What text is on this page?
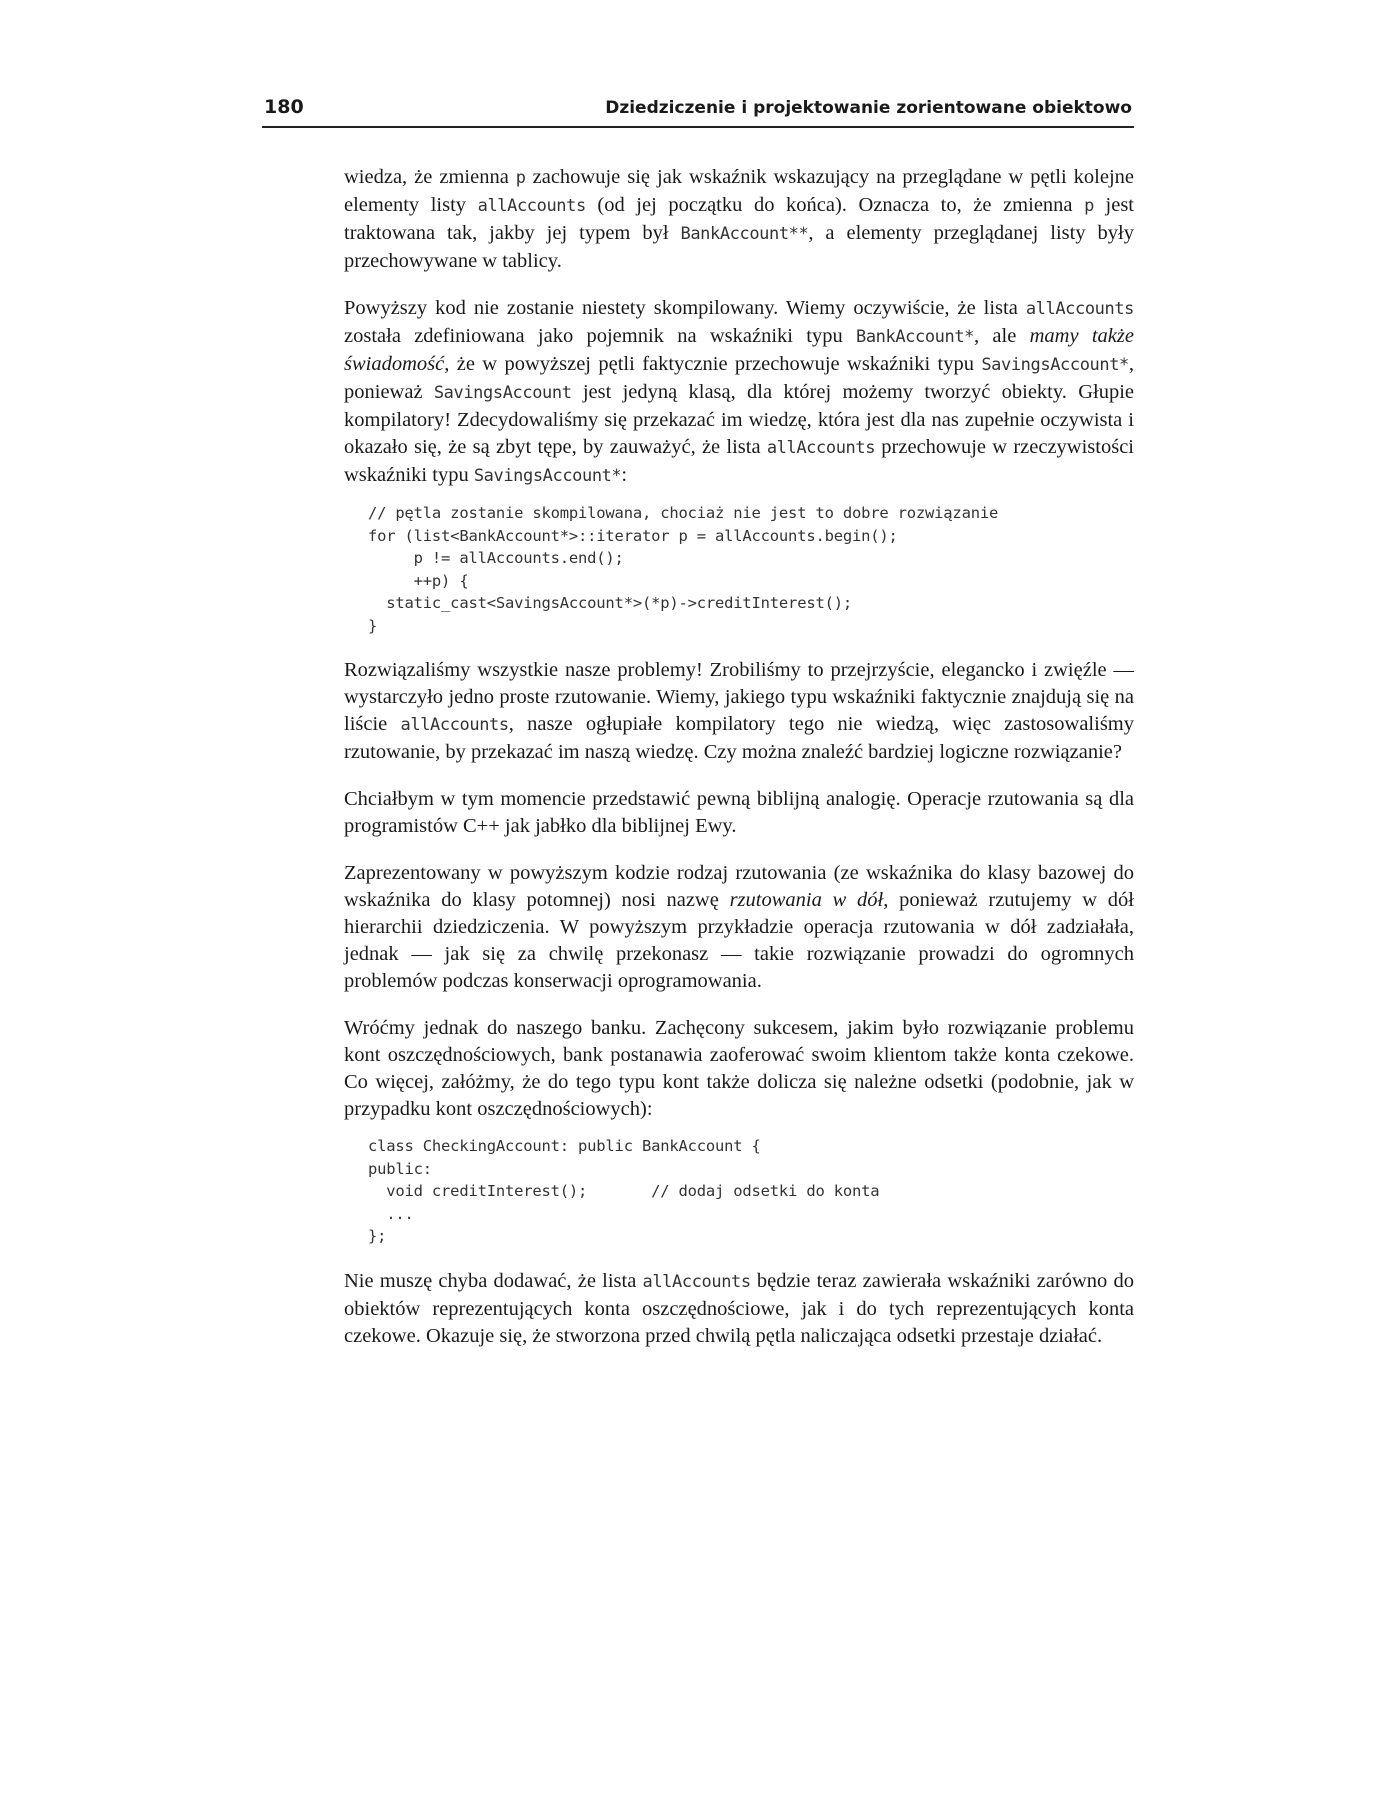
180	Dziedziczenie i projektowanie zorientowane obiektowo

wiedza, że zmienna p zachowuje się jak wskaźnik wskazujący na przeglądane w pętli kolejne elementy listy allAccounts (od jej początku do końca). Oznacza to, że zmienna p jest traktowana tak, jakby jej typem był BankAccount**, a elementy przeglądanej listy były przechowywane w tablicy.

Powyższy kod nie zostanie niestety skompilowany. Wiemy oczywiście, że lista allAccounts została zdefiniowana jako pojemnik na wskaźniki typu BankAccount*, ale mamy także świadomość, że w powyższej pętli faktycznie przechowuje wskaźniki typu SavingsAccount*, ponieważ SavingsAccount jest jedyną klasą, dla której możemy tworzyć obiekty. Głupie kompilatory! Zdecydowaliśmy się przekazać im wiedzę, która jest dla nas zupełnie oczywista i okazało się, że są zbyt tępe, by zauważyć, że lista allAccounts przechowuje w rzeczywistości wskaźniki typu SavingsAccount*:

// pętla zostanie skompilowana, chociaż nie jest to dobre rozwiązanie
for (list<BankAccount*>::iterator p = allAccounts.begin();
p != allAccounts.end();
++p) {
static_cast<SavingsAccount*>(*p)->creditInterest();
}

Rozwiązaliśmy wszystkie nasze problemy! Zrobiliśmy to przejrzyście, elegancko i zwięźle — wystarczyło jedno proste rzutowanie. Wiemy, jakiego typu wskaźniki faktycznie znajdują się na liście allAccounts, nasze ogłupiałe kompilatory tego nie wiedzą, więc zastosowaliśmy rzutowanie, by przekazać im naszą wiedzę. Czy można znaleźć bardziej logiczne rozwiązanie?

Chciałbym w tym momencie przedstawić pewną biblijną analogię. Operacje rzutowania są dla programistów C++ jak jabłko dla biblijnej Ewy.

Zaprezentowany w powyższym kodzie rodzaj rzutowania (ze wskaźnika do klasy bazowej do wskaźnika do klasy potomnej) nosi nazwę rzutowania w dół, ponieważ rzutujemy w dół hierarchii dziedziczenia. W powyższym przykładzie operacja rzutowania w dół zadziałała, jednak — jak się za chwilę przekonasz — takie rozwiązanie prowadzi do ogromnych problemów podczas konserwacji oprogramowania.

Wróćmy jednak do naszego banku. Zachęcony sukcesem, jakim było rozwiązanie problemu kont oszczędnościowych, bank postanawia zaoferować swoim klientom także konta czekowe. Co więcej, załóżmy, że do tego typu kont także dolicza się należne odsetki (podobnie, jak w przypadku kont oszczędnościowych):

class CheckingAccount: public BankAccount {
public:
void creditInterest();       // dodaj odsetki do konta
...
};

Nie muszę chyba dodawać, że lista allAccounts będzie teraz zawierała wskaźniki zarówno do obiektów reprezentujących konta oszczędnościowe, jak i do tych reprezentujących konta czekowe. Okazuje się, że stworzona przed chwilą pętla naliczająca odsetki przestaje działać.
